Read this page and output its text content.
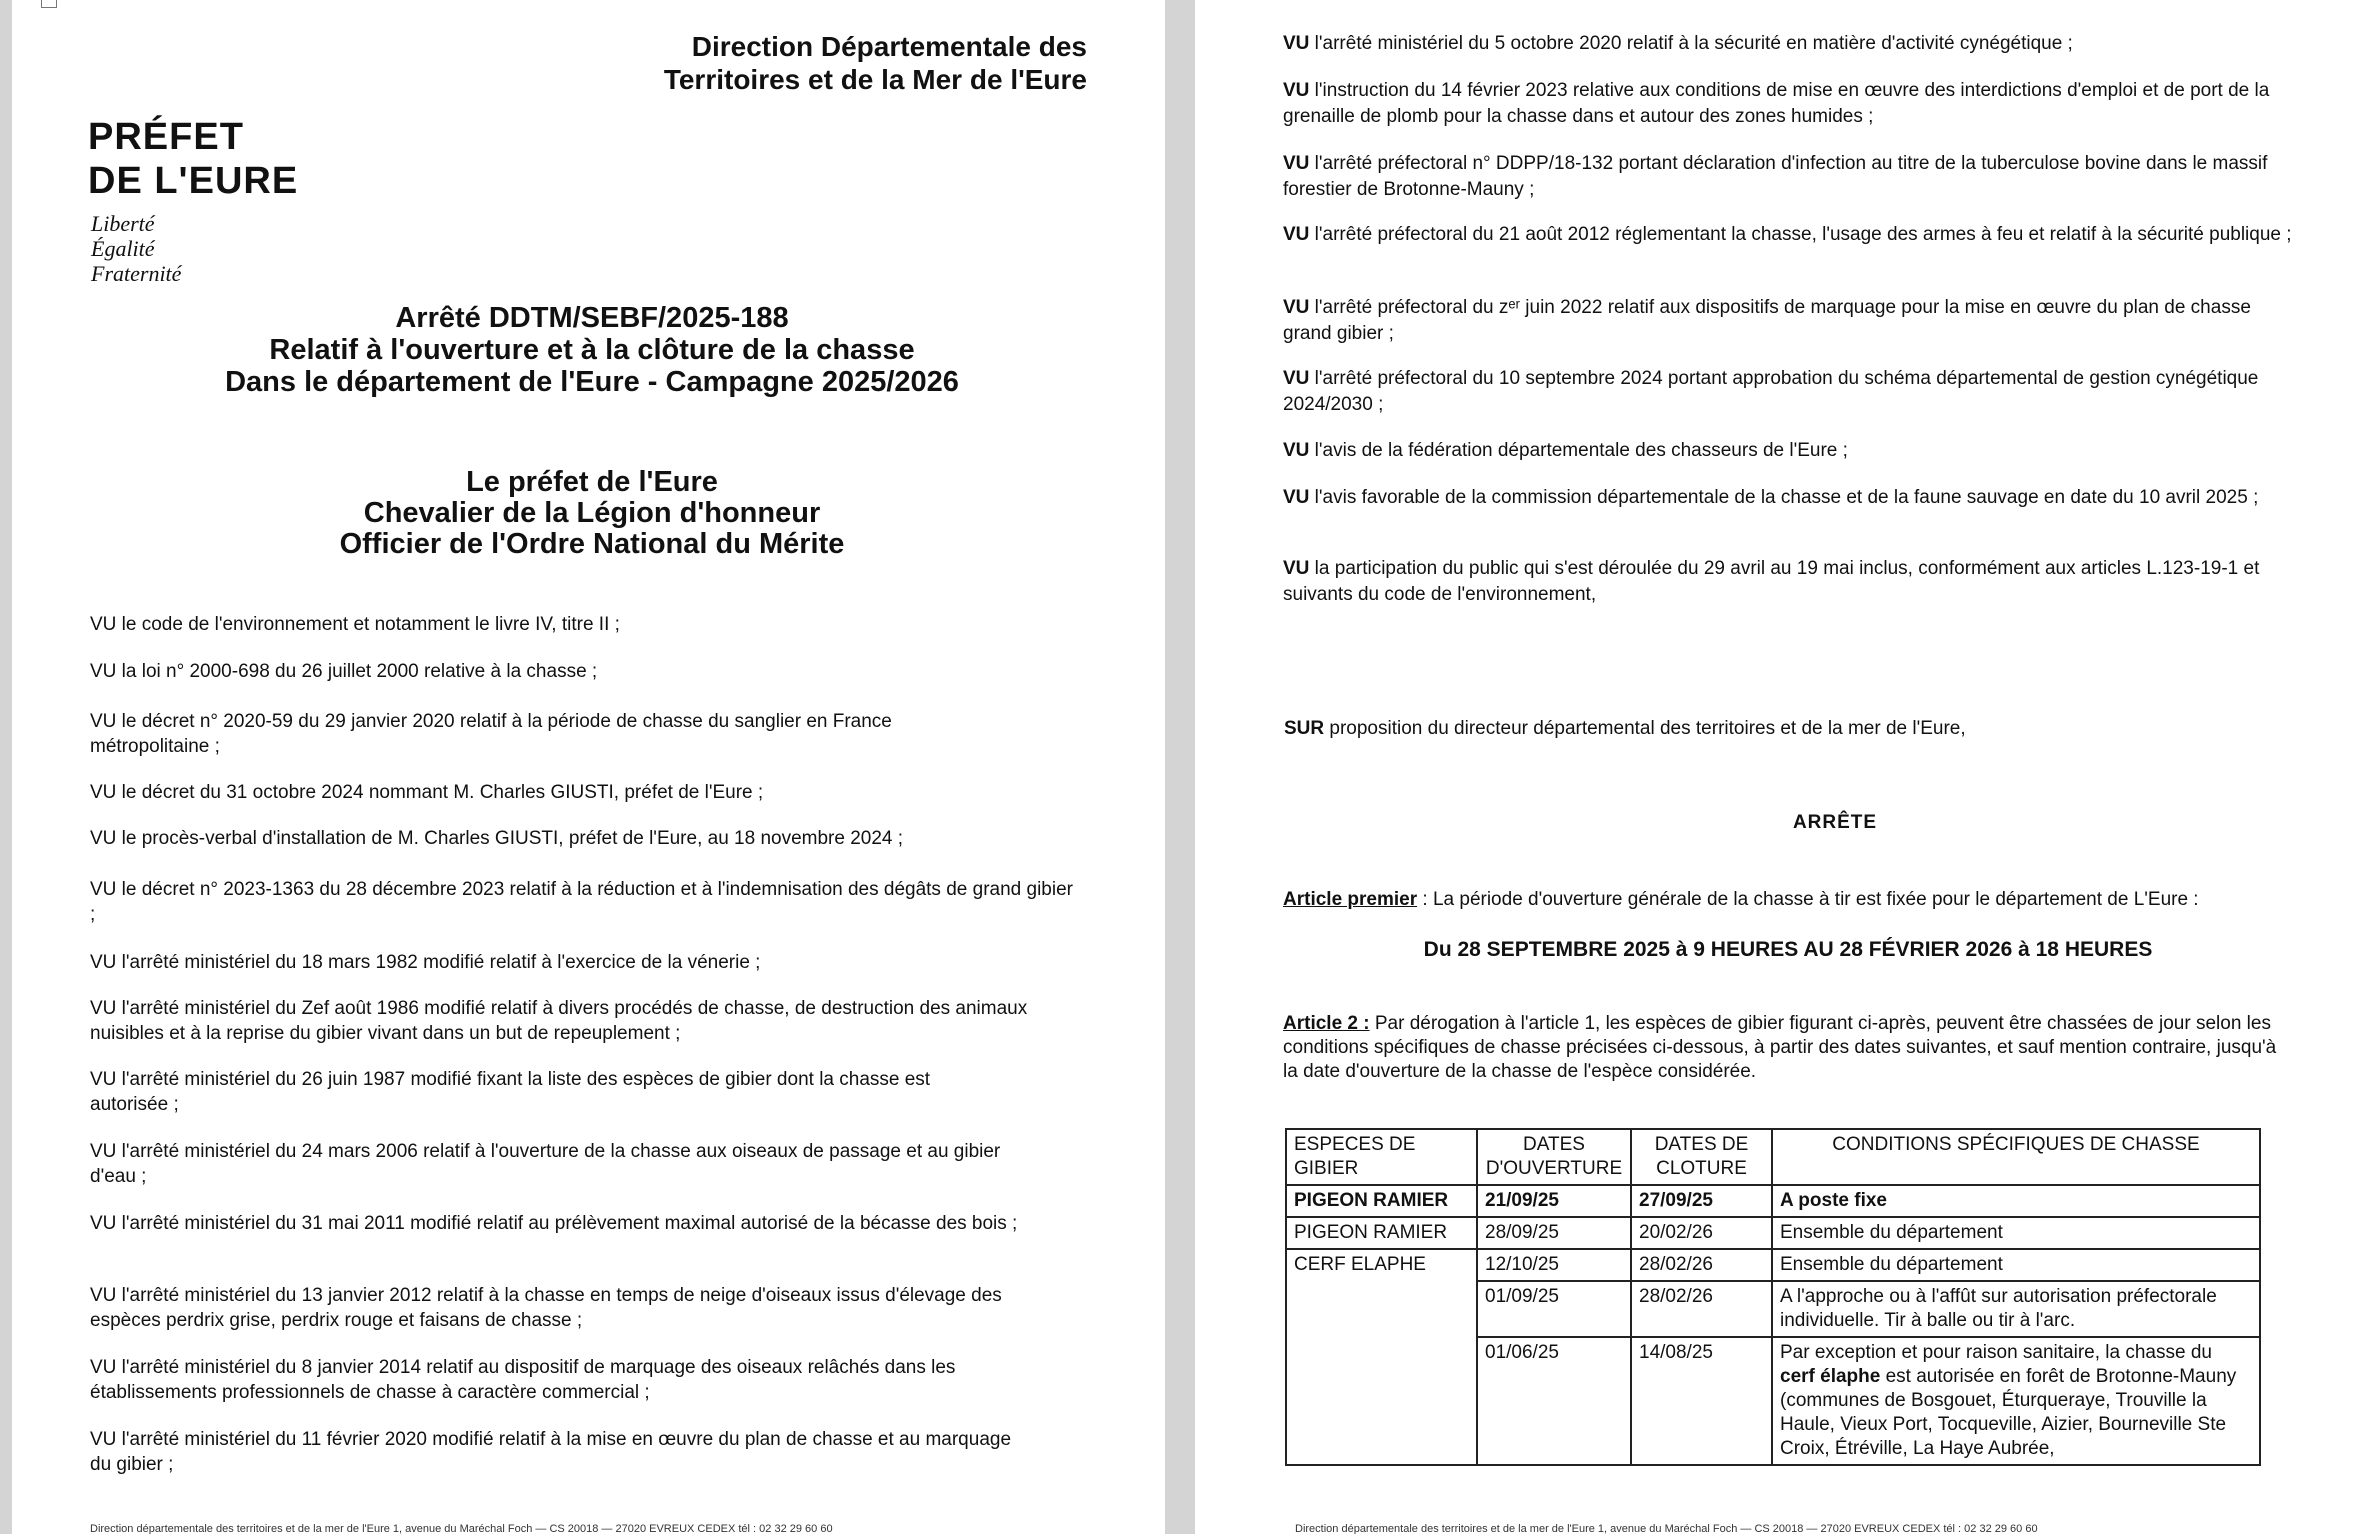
Direction Départementale des
Territoires et de la Mer de l'Eure
PRÉFET
DE L'EURE
Liberté
Égalité
Fraternité
Arrêté DDTM/SEBF/2025-188
Relatif à l'ouverture et à la clôture de la chasse
Dans le département de l'Eure - Campagne 2025/2026
Le préfet de l'Eure
Chevalier de la Légion d'honneur
Officier de l'Ordre National du Mérite
VU le code de l'environnement et notamment le livre IV, titre II ;
VU la loi n° 2000-698 du 26 juillet 2000 relative à la chasse ;
VU le décret n° 2020-59 du 29 janvier 2020 relatif à la période de chasse du sanglier en France métropolitaine ;
VU le décret du 31 octobre 2024 nommant M. Charles GIUSTI, préfet de l'Eure ;
VU le procès-verbal d'installation de M. Charles GIUSTI, préfet de l'Eure, au 18 novembre 2024 ;
VU le décret n° 2023-1363 du 28 décembre 2023 relatif à la réduction et à l'indemnisation des dégâts de grand gibier ;
VU l'arrêté ministériel du 18 mars 1982 modifié relatif à l'exercice de la vénerie ;
VU l'arrêté ministériel du Zef août 1986 modifié relatif à divers procédés de chasse, de destruction des animaux nuisibles et à la reprise du gibier vivant dans un but de repeuplement ;
VU l'arrêté ministériel du 26 juin 1987 modifié fixant la liste des espèces de gibier dont la chasse est autorisée ;
VU l'arrêté ministériel du 24 mars 2006 relatif à l'ouverture de la chasse aux oiseaux de passage et au gibier d'eau ;
VU l'arrêté ministériel du 31 mai 2011 modifié relatif au prélèvement maximal autorisé de la bécasse des bois ;
VU l'arrêté ministériel du 13 janvier 2012 relatif à la chasse en temps de neige d'oiseaux issus d'élevage des espèces perdrix grise, perdrix rouge et faisans de chasse ;
VU l'arrêté ministériel du 8 janvier 2014 relatif au dispositif de marquage des oiseaux relâchés dans les établissements professionnels de chasse à caractère commercial ;
VU l'arrêté ministériel du 11 février 2020 modifié relatif à la mise en œuvre du plan de chasse et au marquage du gibier ;
Direction départementale des territoires et de la mer de l'Eure 1, avenue du Maréchal Foch — CS 20018 — 27020 EVREUX CEDEX tél : 02 32 29 60 60
VU l'arrêté ministériel du 5 octobre 2020 relatif à la sécurité en matière d'activité cynégétique ;
VU l'instruction du 14 février 2023 relative aux conditions de mise en œuvre des interdictions d'emploi et de port de la grenaille de plomb pour la chasse dans et autour des zones humides ;
VU l'arrêté préfectoral n° DDPP/18-132 portant déclaration d'infection au titre de la tuberculose bovine dans le massif forestier de Brotonne-Mauny ;
VU l'arrêté préfectoral du 21 août 2012 réglementant la chasse, l'usage des armes à feu et relatif à la sécurité publique ;
VU l'arrêté préfectoral du zᵉʳ juin 2022 relatif aux dispositifs de marquage pour la mise en œuvre du plan de chasse grand gibier ;
VU l'arrêté préfectoral du 10 septembre 2024 portant approbation du schéma départemental de gestion cynégétique 2024/2030 ;
VU l'avis de la fédération départementale des chasseurs de l'Eure ;
VU l'avis favorable de la commission départementale de la chasse et de la faune sauvage en date du 10 avril 2025 ;
VU la participation du public qui s'est déroulée du 29 avril au 19 mai inclus, conformément aux articles L.123-19-1 et suivants du code de l'environnement,
SUR proposition du directeur départemental des territoires et de la mer de l'Eure,
ARRÊTE
Article premier : La période d'ouverture générale de la chasse à tir est fixée pour le département de L'Eure :
Du 28 SEPTEMBRE 2025 à 9 HEURES AU 28 FÉVRIER 2026 à 18 HEURES
Article 2 : Par dérogation à l'article 1, les espèces de gibier figurant ci-après, peuvent être chassées de jour selon les conditions spécifiques de chasse précisées ci-dessous, à partir des dates suivantes, et sauf mention contraire, jusqu'à la date d'ouverture de la chasse de l'espèce considérée.
ESPECES DE GIBIER	DATES D'OUVERTURE	DATES DE CLOTURE	CONDITIONS SPÉCIFIQUES DE CHASSE
PIGEON RAMIER	21/09/25	27/09/25	A poste fixe
PIGEON RAMIER	28/09/25	20/02/26	Ensemble du département
CERF ELAPHE	12/10/25	28/02/26	Ensemble du département
	01/09/25	28/02/26	A l'approche ou à l'affût sur autorisation préfectorale individuelle. Tir à balle ou tir à l'arc.
	01/06/25	14/08/25	Par exception et pour raison sanitaire, la chasse du cerf élaphe est autorisée en forêt de Brotonne-Mauny (communes de Bosgouet, Éturqueraye, Trouville la Haule, Vieux Port, Tocqueville, Aizier, Bourneville Ste Croix, Étréville, La Haye Aubrée,
Direction départementale des territoires et de la mer de l'Eure 1, avenue du Maréchal Foch — CS 20018 — 27020 EVREUX CEDEX tél : 02 32 29 60 60
